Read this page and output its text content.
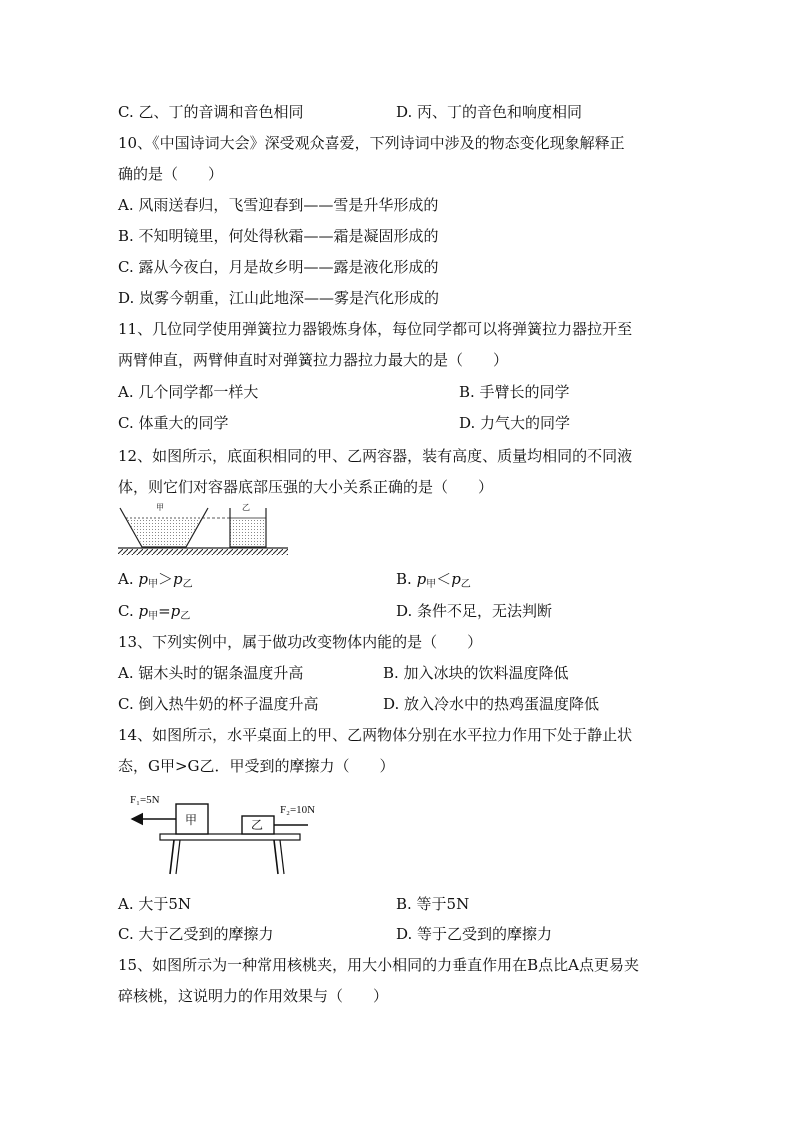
C. 乙、丁的音调和音色相同	D. 丙、丁的音色和响度相同
10、《中国诗词大会》深受观众喜爱，下列诗词中涉及的物态变化现象解释正
确的是（　　）
A. 风雨送春归，飞雪迎春到——雪是升华形成的
B. 不知明镜里，何处得秋霜——霜是凝固形成的
C. 露从今夜白，月是故乡明——露是液化形成的
D. 岚雾今朝重，江山此地深——雾是汽化形成的
11、几位同学使用弹簧拉力器锻炼身体，每位同学都可以将弹簧拉力器拉开至
两臂伸直，两臂伸直时对弹簧拉力器拉力最大的是（　　）
A. 几个同学都一样大	B. 手臂长的同学
C. 体重大的同学	D. 力气大的同学
12、如图所示，底面积相同的甲、乙两容器，装有高度、质量均相同的不同液
体，则它们对容器底部压强的大小关系正确的是（　　）
甲	乙
A. $p_甲>p_乙$	B. $p_甲<p_乙$
C. $p_甲=p_乙$	D. 条件不足，无法判断
13、下列实例中，属于做功改变物体内能的是（　　）
A. 锯木头时的锯条温度升高	B. 加入冰块的饮料温度降低
C. 倒入热牛奶的杯子温度升高	D. 放入冷水中的热鸡蛋温度降低
14、如图所示，水平桌面上的甲、乙两物体分别在水平拉力作用下处于静止状
态，G甲>G乙．甲受到的摩擦力（　　）
F₁=5N
F₂=10N
甲	乙
A. 大于5N	B. 等于5N
C. 大于乙受到的摩擦力	D. 等于乙受到的摩擦力
15、如图所示为一种常用核桃夹，用大小相同的力垂直作用在B点比A点更易夹
碎核桃，这说明力的作用效果与（　　）
